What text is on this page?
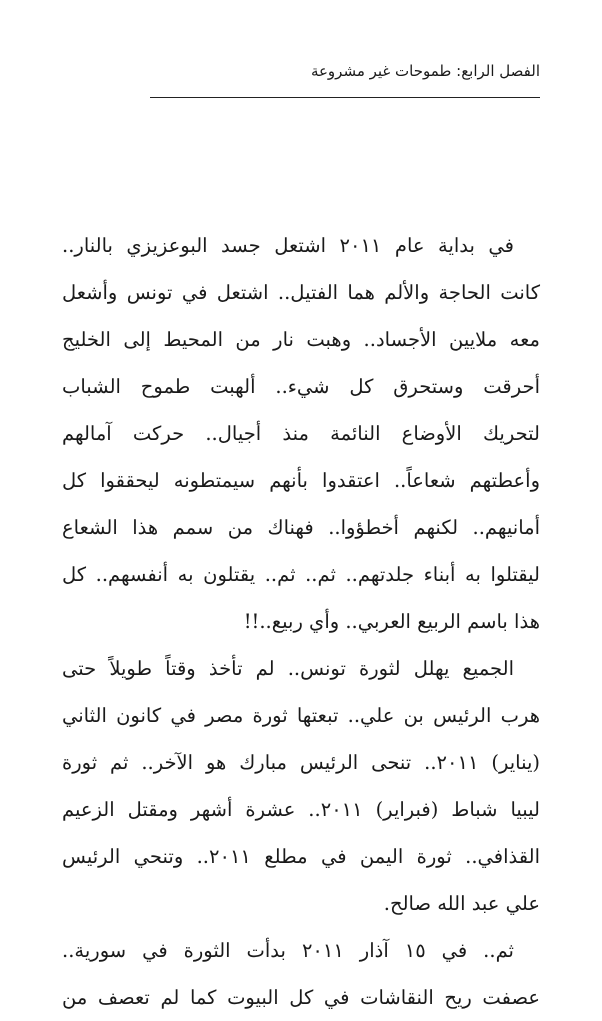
الفصل الرابع: طموحات غير مشروعة
في بداية عام ٢٠١١ اشتعل جسد البوعزيزي بالنار..
كانت الحاجة والألم هما الفتيل.. اشتعل في تونس وأشعل
معه ملايين الأجساد.. وهبت نار من المحيط إلى الخليج
أحرقت وستحرق كل شيء.. ألهبت طموح الشباب
لتحريك الأوضاع النائمة منذ أجيال.. حركت آمالهم
وأعطتهم شعاعاً.. اعتقدوا بأنهم سيمتطونه ليحققوا كل
أمانيهم.. لكنهم أخطؤوا.. فهناك من سمم هذا الشعاع
ليقتلوا به أبناء جلدتهم.. ثم.. ثم.. يقتلون به أنفسهم.. كل
هذا باسم الربيع العربي.. وأي ربيع..!!
الجميع يهلل لثورة تونس.. لم تأخذ وقتاً طويلاً حتى
هرب الرئيس بن علي.. تبعتها ثورة مصر في كانون الثاني
(يناير) ٢٠١١.. تنحى الرئيس مبارك هو الآخر.. ثم ثورة
ليبيا شباط (فبراير) ٢٠١١.. عشرة أشهر ومقتل الزعيم
القذافي.. ثورة اليمن في مطلع ٢٠١١.. وتنحي الرئيس
علي عبد الله صالح.
ثم.. في ١٥ آذار ٢٠١١ بدأت الثورة في سورية..
عصفت ريح النقاشات في كل البيوت كما لم تعصف من
